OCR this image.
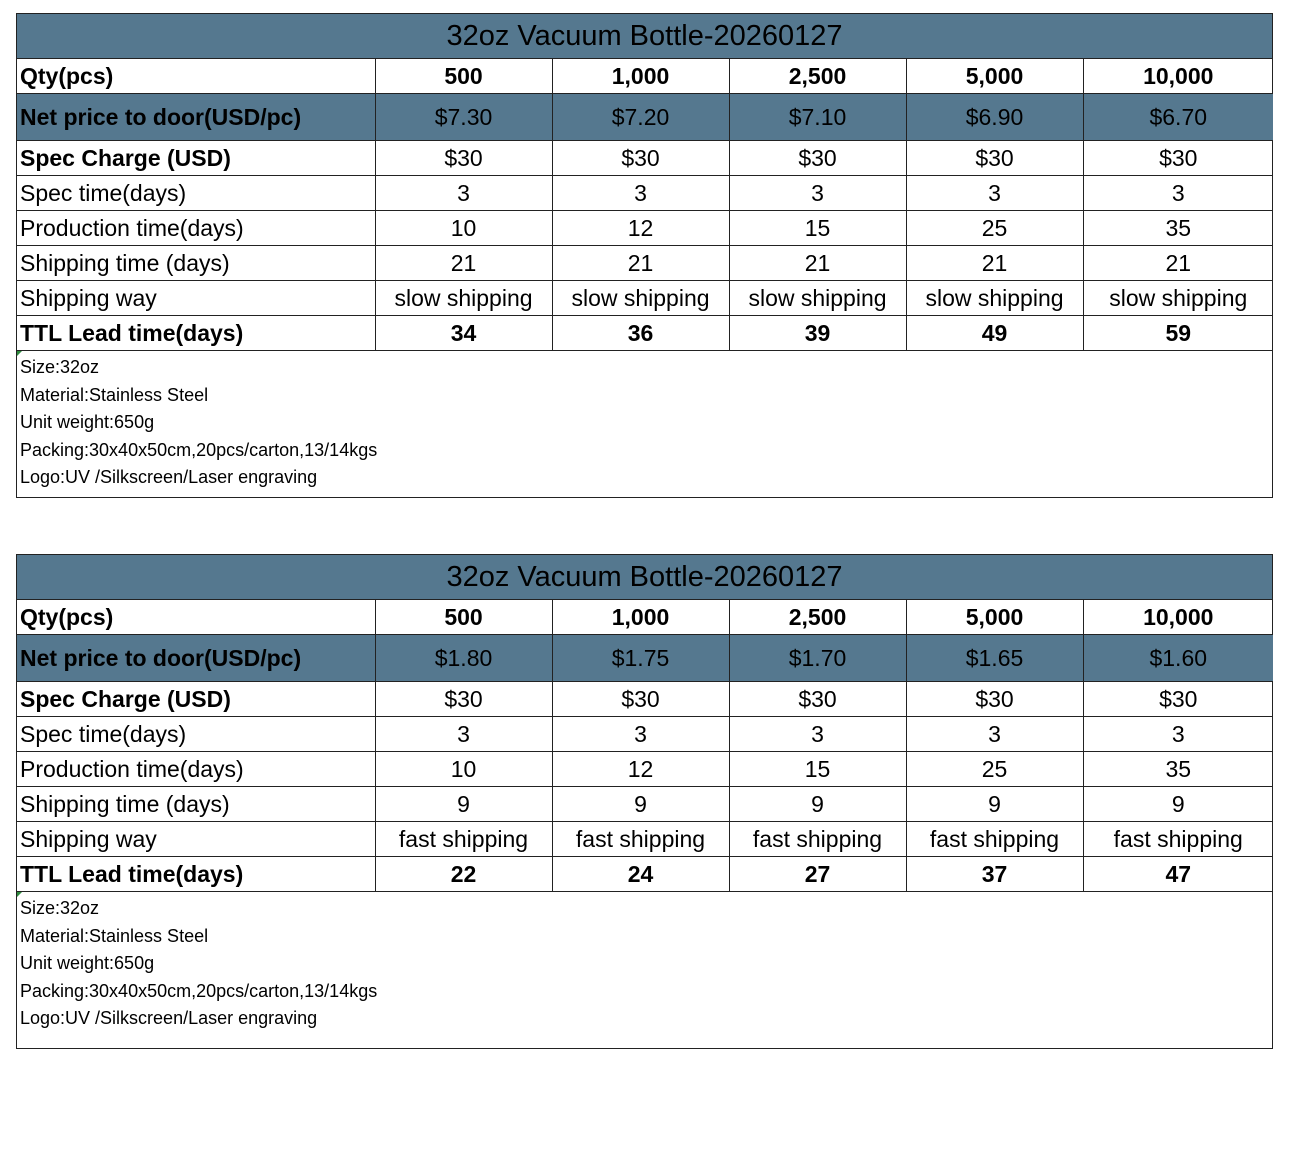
32oz Vacuum Bottle-20260127
Qty(pcs)	500	1,000	2,500	5,000	10,000
Net price to door(USD/pc)	$7.30	$7.20	$7.10	$6.90	$6.70
Spec Charge (USD)	$30	$30	$30	$30	$30
Spec time(days)	3	3	3	3	3
Production time(days)	10	12	15	25	35
Shipping time (days)	21	21	21	21	21
Shipping way	slow shipping	slow shipping	slow shipping	slow shipping	slow shipping
TTL Lead time(days)	34	36	39	49	59
Size:32oz
Material:Stainless Steel
Unit weight:650g
Packing:30x40x50cm,20pcs/carton,13/14kgs
Logo:UV /Silkscreen/Laser engraving
32oz Vacuum Bottle-20260127
Qty(pcs)	500	1,000	2,500	5,000	10,000
Net price to door(USD/pc)	$1.80	$1.75	$1.70	$1.65	$1.60
Spec Charge (USD)	$30	$30	$30	$30	$30
Spec time(days)	3	3	3	3	3
Production time(days)	10	12	15	25	35
Shipping time (days)	9	9	9	9	9
Shipping way	fast shipping	fast shipping	fast shipping	fast shipping	fast shipping
TTL Lead time(days)	22	24	27	37	47
Size:32oz
Material:Stainless Steel
Unit weight:650g
Packing:30x40x50cm,20pcs/carton,13/14kgs
Logo:UV /Silkscreen/Laser engraving
